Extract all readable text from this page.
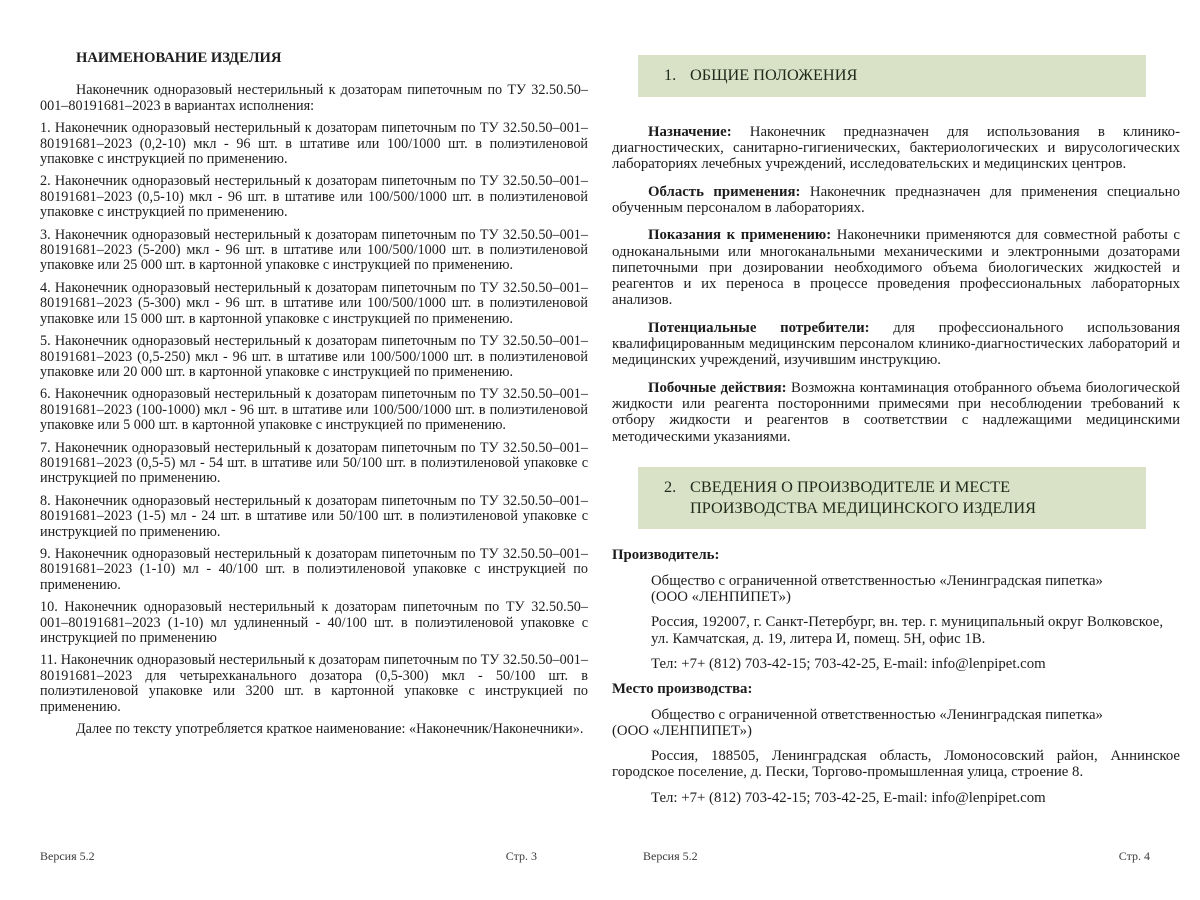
НАИМЕНОВАНИЕ ИЗДЕЛИЯ

Наконечник одноразовый нестерильный к дозаторам пипеточным по ТУ 32.50.50–001–80191681–2023 в вариантах исполнения:

1. Наконечник одноразовый нестерильный к дозаторам пипеточным по ТУ 32.50.50–001–80191681–2023 (0,2-10) мкл - 96 шт. в штативе или 100/1000 шт. в полиэтиленовой упаковке с инструкцией по применению.

2. Наконечник одноразовый нестерильный к дозаторам пипеточным по ТУ 32.50.50–001–80191681–2023 (0,5-10) мкл - 96 шт. в штативе или 100/500/1000 шт. в полиэтиленовой упаковке с инструкцией по применению.

3. Наконечник одноразовый нестерильный к дозаторам пипеточным по ТУ 32.50.50–001–80191681–2023 (5-200) мкл - 96 шт. в штативе или 100/500/1000 шт. в полиэтиленовой упаковке или 25 000 шт. в картонной упаковке с инструкцией по применению.

4. Наконечник одноразовый нестерильный к дозаторам пипеточным по ТУ 32.50.50–001–80191681–2023 (5-300) мкл - 96 шт. в штативе или 100/500/1000 шт. в полиэтиленовой упаковке или 15 000 шт. в картонной упаковке с инструкцией по применению.

5. Наконечник одноразовый нестерильный к дозаторам пипеточным по ТУ 32.50.50–001–80191681–2023 (0,5-250) мкл - 96 шт. в штативе или 100/500/1000 шт. в полиэтиленовой упаковке или 20 000 шт. в картонной упаковке с инструкцией по применению.

6. Наконечник одноразовый нестерильный к дозаторам пипеточным по ТУ 32.50.50–001–80191681–2023 (100-1000) мкл - 96 шт. в штативе или 100/500/1000 шт. в полиэтиленовой упаковке или 5 000 шт. в картонной упаковке с инструкцией по применению.

7. Наконечник одноразовый нестерильный к дозаторам пипеточным по ТУ 32.50.50–001–80191681–2023 (0,5-5) мл - 54 шт. в штативе или 50/100 шт. в полиэтиленовой упаковке с инструкцией по применению.

8. Наконечник одноразовый нестерильный к дозаторам пипеточным по ТУ 32.50.50–001–80191681–2023 (1-5) мл - 24 шт. в штативе или 50/100 шт. в полиэтиленовой упаковке с инструкцией по применению.

9. Наконечник одноразовый нестерильный к дозаторам пипеточным по ТУ 32.50.50–001–80191681–2023 (1-10) мл - 40/100 шт. в полиэтиленовой упаковке с инструкцией по применению.

10. Наконечник одноразовый нестерильный к дозаторам пипеточным по ТУ 32.50.50–001–80191681–2023 (1-10) мл удлиненный - 40/100 шт. в полиэтиленовой упаковке с инструкцией по применению

11. Наконечник одноразовый нестерильный к дозаторам пипеточным по ТУ 32.50.50–001–80191681–2023 для четырехканального дозатора (0,5-300) мкл - 50/100 шт. в полиэтиленовой упаковке или 3200 шт. в картонной упаковке с инструкцией по применению.

Далее по тексту употребляется краткое наименование: «Наконечник/Наконечники».

1. ОБЩИЕ ПОЛОЖЕНИЯ

Назначение: Наконечник предназначен для использования в клинико-диагностических, санитарно-гигиенических, бактериологических и вирусологических лабораториях лечебных учреждений, исследовательских и медицинских центров.

Область применения: Наконечник предназначен для применения специально обученным персоналом в лабораториях.

Показания к применению: Наконечники применяются для совместной работы с одноканальными или многоканальными механическими и электронными дозаторами пипеточными при дозировании необходимого объема биологических жидкостей и реагентов и их переноса в процессе проведения профессиональных лабораторных анализов.

Потенциальные потребители: для профессионального использования квалифицированным медицинским персоналом клинико-диагностических лабораторий и медицинских учреждений, изучившим инструкцию.

Побочные действия: Возможна контаминация отобранного объема биологической жидкости или реагента посторонними примесями при несоблюдении требований к отбору жидкости и реагентов в соответствии с надлежащими медицинскими методическими указаниями.

2. СВЕДЕНИЯ О ПРОИЗВОДИТЕЛЕ И МЕСТЕ ПРОИЗВОДСТВА МЕДИЦИНСКОГО ИЗДЕЛИЯ
Производитель:
Общество с ограниченной ответственностью «Ленинградская пипетка»
(ООО «ЛЕНПИПЕТ»)
Россия, 192007, г. Санкт-Петербург, вн. тер. г. муниципальный округ Волковское, ул. Камчатская, д. 19, литера И, помещ. 5Н, офис 1В.
Тел: +7+ (812) 703-42-15; 703-42-25, E-mail: info@lenpipet.com
Место производства:
Общество с ограниченной ответственностью «Ленинградская пипетка»
(ООО «ЛЕНПИПЕТ»)
Россия, 188505, Ленинградская область, Ломоносовский район, Аннинское городское поселение, д. Пески, Торгово-промышленная улица, строение 8.
Тел: +7+ (812) 703-42-15; 703-42-25, E-mail: info@lenpipet.com
Версия 5.2	Стр. 3	Версия 5.2	Стр. 4
